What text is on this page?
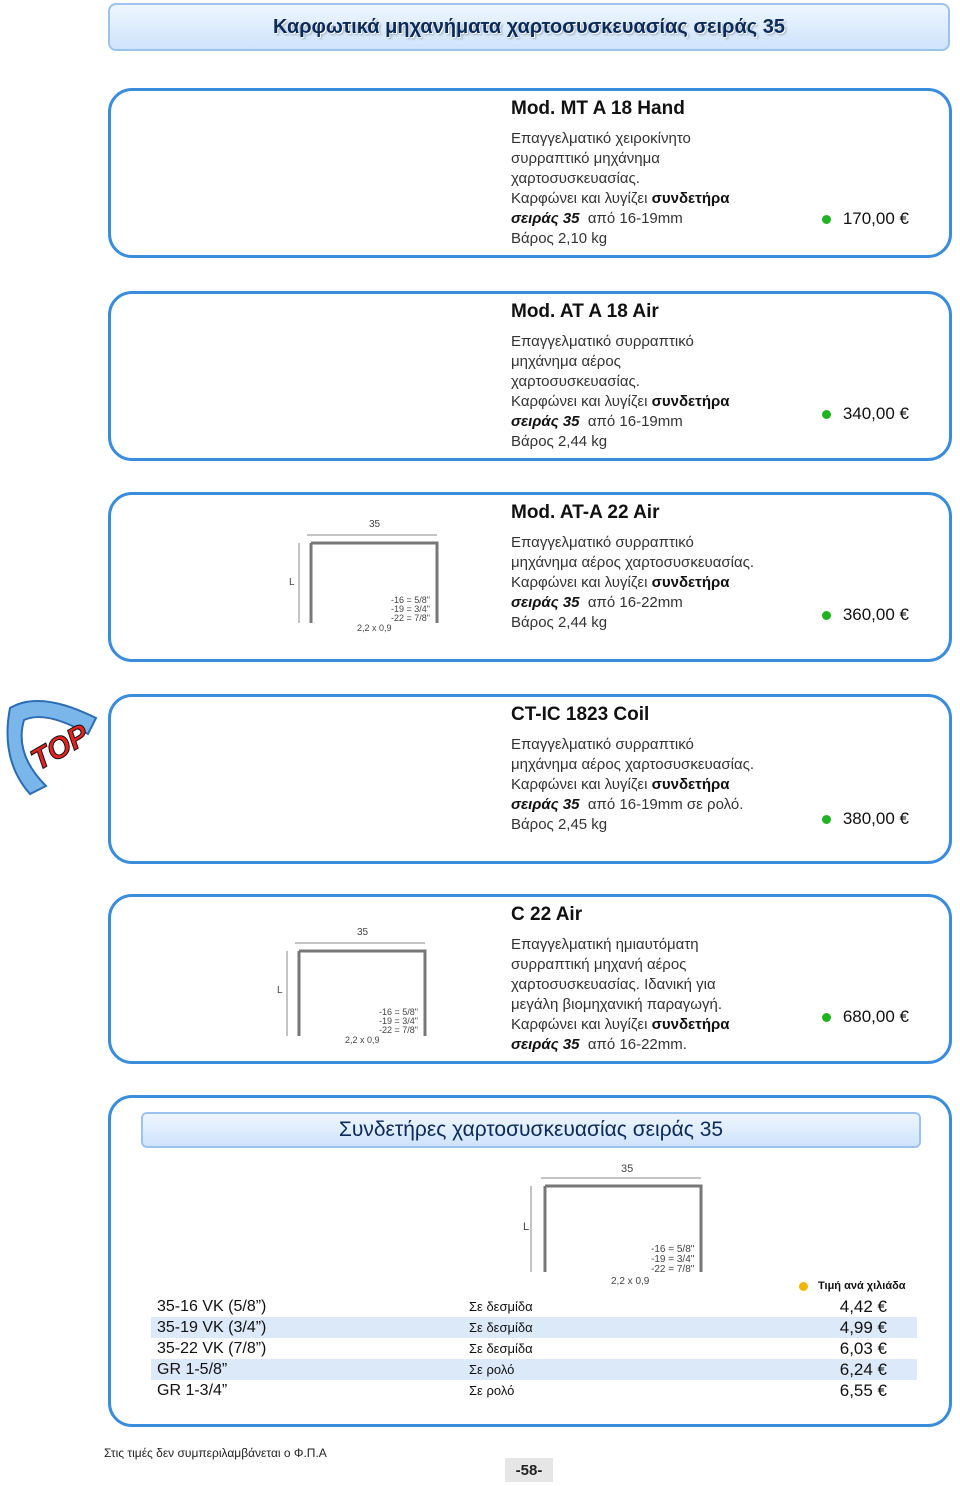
Καρφωτικά μηχανήματα χαρτοσυσκευασίας σειράς 35
Mod. MT A 18 Hand
Επαγγελματικό χειροκίνητο
συρραπτικό μηχάνημα
χαρτοσυσκευασίας.
Καρφώνει και λυγίζει συνδετήρα
σειράς 35 από 16-19mm
Βάρος 2,10 kg
170,00 €
Mod. AT A 18 Air
Επαγγελματικό συρραπτικό
μηχάνημα αέρος
χαρτοσυσκευασίας.
Καρφώνει και λυγίζει συνδετήρα
σειράς 35 από 16-19mm
Βάρος 2,44 kg
340,00 €
35
L
-16 = 5/8"
-19 = 3/4"
-22 = 7/8"
2,2 x 0,9
Mod. AT-A 22 Air
Επαγγελματικό συρραπτικό
μηχάνημα αέρος χαρτοσυσκευασίας.
Καρφώνει και λυγίζει συνδετήρα
σειράς 35 από 16-22mm
Βάρος 2,44 kg	360,00 €
TOP
CT-IC 1823 Coil
Επαγγελματικό συρραπτικό
μηχάνημα αέρος χαρτοσυσκευασίας.
Καρφώνει και λυγίζει συνδετήρα
σειράς 35 από 16-19mm σε ρολό.
Βάρος 2,45 kg	380,00 €
35
L
-16 = 5/8"
-19 = 3/4"
-22 = 7/8"
2,2 x 0,9
C 22 Air
Επαγγελματική ημιαυτόματη
συρραπτική μηχανή αέρος
χαρτοσυσκευασίας. Ιδανική για
μεγάλη βιομηχανική παραγωγή.
Καρφώνει και λυγίζει συνδετήρα
σειράς 35 από 16-22mm.
680,00 €
Συνδετήρες χαρτοσυσκευασίας σειράς 35
35
L
-16 = 5/8"
-19 = 3/4"
-22 = 7/8"
2,2 x 0,9	Τιμή ανά χιλιάδα
35-16 VK (5/8”)	Σε δεσμίδα	4,42 €
35-19 VK (3/4”)	Σε δεσμίδα	4,99 €
35-22 VK (7/8”)	Σε δεσμίδα	6,03 €
GR 1-5/8”	Σε ρολό	6,24 €
GR 1-3/4”	Σε ρολό	6,55 €
Στις τιμές δεν συμπεριλαμβάνεται ο Φ.Π.Α
-58-
